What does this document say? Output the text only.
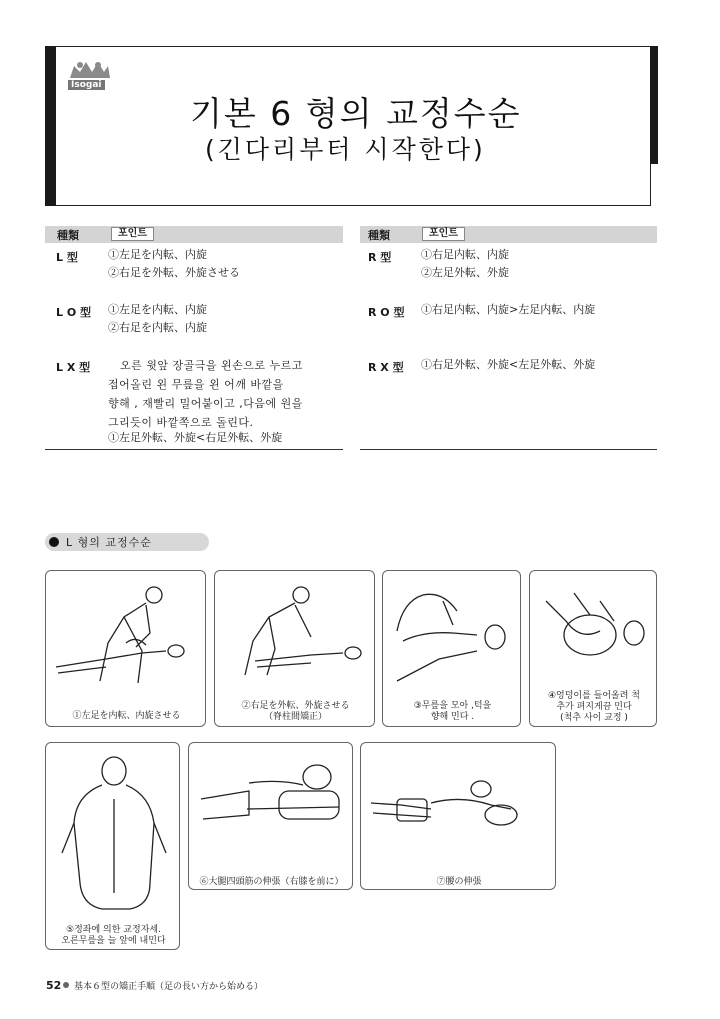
Isogai
기본 6 형의 교정수순
(긴다리부터 시작한다)
種類	포인트	種類	포인트
L 型	①左足を内転、内旋
②右足を外転、外旋させる
L O 型 ①左足を内転、内旋
②右足を内転、内旋
L X 型	오른 윗앞 장골극을 왼손으로 누르고
접어올린 왼 무릎을 왼 어깨 바깥을
향해 , 재빨리 밀어붙이고 ,다음에 원을
그리듯이 바깥쪽으로 돌린다.
①左足外転、外旋<右足外転、外旋
R 型	①右足内転、内旋
②左足外転、外旋
R O 型 ①右足内転、内旋>左足内転、内旋
R X 型 ①右足外転、外旋<左足外転、外旋
L 형의 교정수순
①左足を内転、内旋させる
②右足を外転、外旋させる
（脊柱間矯正）
③무릎을 모아 ,턱을
향해 민다 .
④엉덩이를 들어올려 척
추가 펴지게끔 민다
(척추 사이 교정 )
⑤정좌에 의한 교정자세.
오른무릎을 늘 앞에 내민다
⑥大腿四頭筋の伸張（右膝を前に）	⑦腰の伸張
52 基本６型の矯正手順（足の長い方から始める）
